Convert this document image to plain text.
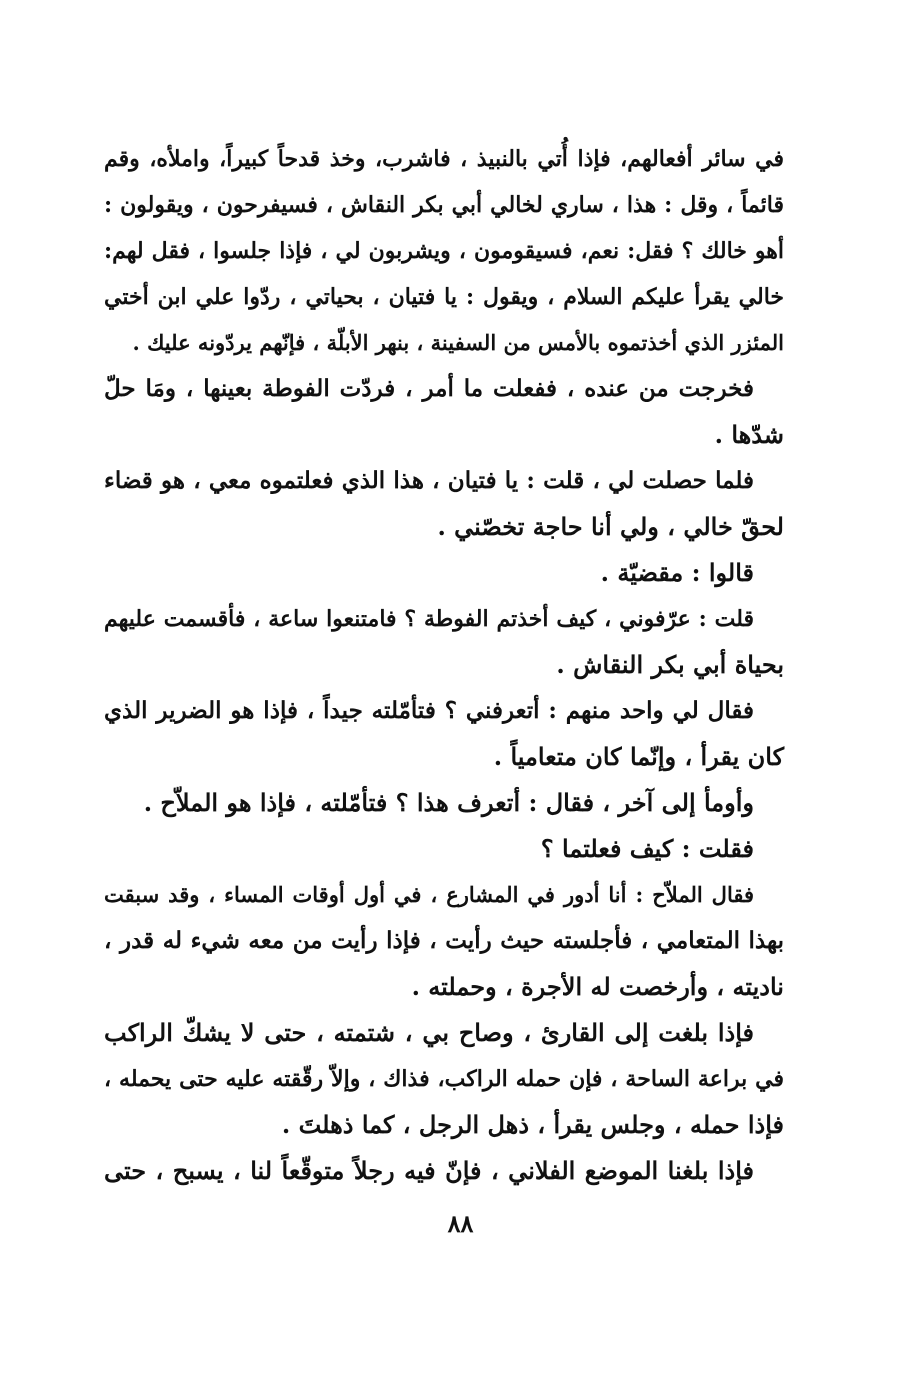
في سائر أفعالهم، فإذا أُتي بالنبيذ ، فاشرب، وخذ قدحاً كبيراً، واملأه، وقم
قائماً ، وقل : هذا ، ساري لخالي أبي بكر النقاش ، فسيفرحون ، ويقولون :
أهو خالك ؟ فقل: نعم، فسيقومون ، ويشربون لي ، فإذا جلسوا ، فقل لهم:
خالي يقرأ عليكم السلام ، ويقول : يا فتيان ، بحياتي ، ردّوا علي ابن أختي
المئزر الذي أخذتموه بالأمس من السفينة ، بنهر الأبلّة ، فإنّهم يردّونه عليك .
فخرجت من عنده ، ففعلت ما أمر ، فردّت الفوطة بعينها ، ومَا حلّ
شدّها .
فلما حصلت لي ، قلت : يا فتيان ، هذا الذي فعلتموه معي ، هو قضاء
لحقّ خالي ، ولي أنا حاجة تخصّني .
قالوا : مقضيّة .
قلت : عرّفوني ، كيف أخذتم الفوطة ؟ فامتنعوا ساعة ، فأقسمت عليهم
بحياة أبي بكر النقاش .
فقال لي واحد منهم : أتعرفني ؟ فتأمّلته جيداً ، فإذا هو الضرير الذي
كان يقرأ ، وإنّما كان متعامياً .
وأومأ إلى آخر ، فقال : أتعرف هذا ؟ فتأمّلته ، فإذا هو الملاّح .
فقلت : كيف فعلتما ؟
فقال الملاّح : أنا أدور في المشارع ، في أول أوقات المساء ، وقد سبقت
بهذا المتعامي ، فأجلسته حيث رأيت ، فإذا رأيت من معه شيء له قدر ،
ناديته ، وأرخصت له الأجرة ، وحملته .
فإذا بلغت إلى القارئ ، وصاح بي ، شتمته ، حتى لا يشكّ الراكب
في براعة الساحة ، فإن حمله الراكب، فذاك ، وإلاّ رقّقته عليه حتى يحمله ،
فإذا حمله ، وجلس يقرأ ، ذهل الرجل ، كما ذهلتَ .
فإذا بلغنا الموضع الفلاني ، فإنّ فيه رجلاً متوقّعاً لنا ، يسبح ، حتى
٨٨
